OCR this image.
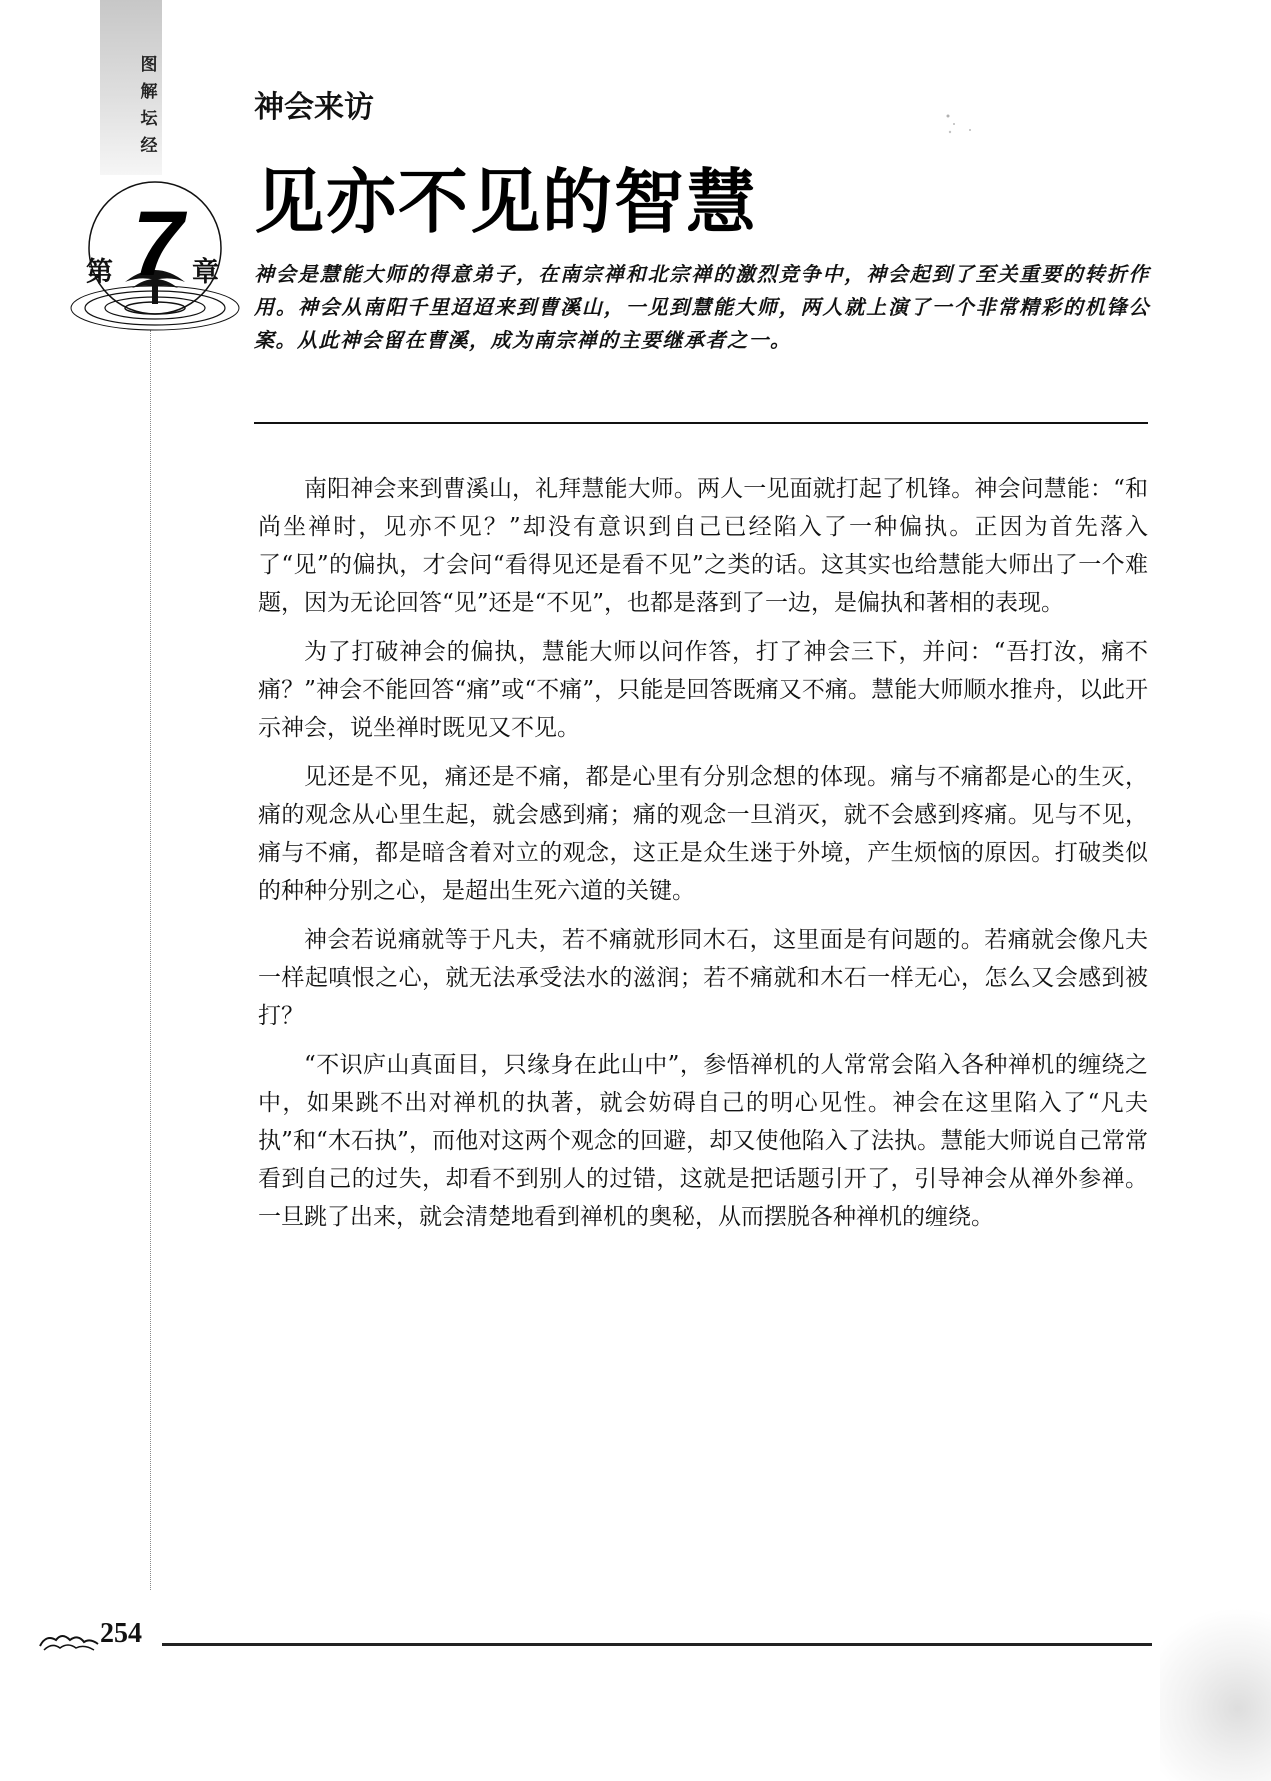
图
解
坛
经
第 7 章
神会来访
见亦不见的智慧
神会是慧能大师的得意弟子，在南宗禅和北宗禅的激烈竞争中，神会起到了至关重要的转折作用。神会从南阳千里迢迢来到曹溪山，一见到慧能大师，两人就上演了一个非常精彩的机锋公案。从此神会留在曹溪，成为南宗禅的主要继承者之一。

南阳神会来到曹溪山，礼拜慧能大师。两人一见面就打起了机锋。神会问慧能：“和尚坐禅时，见亦不见？”却没有意识到自己已经陷入了一种偏执。正因为首先落入了“见”的偏执，才会问“看得见还是看不见”之类的话。这其实也给慧能大师出了一个难题，因为无论回答“见”还是“不见”，也都是落到了一边，是偏执和著相的表现。

为了打破神会的偏执，慧能大师以问作答，打了神会三下，并问：“吾打汝，痛不痛？”神会不能回答“痛”或“不痛”，只能是回答既痛又不痛。慧能大师顺水推舟，以此开示神会，说坐禅时既见又不见。

见还是不见，痛还是不痛，都是心里有分别念想的体现。痛与不痛都是心的生灭，痛的观念从心里生起，就会感到痛；痛的观念一旦消灭，就不会感到疼痛。见与不见，痛与不痛，都是暗含着对立的观念，这正是众生迷于外境，产生烦恼的原因。打破类似的种种分别之心，是超出生死六道的关键。

神会若说痛就等于凡夫，若不痛就形同木石，这里面是有问题的。若痛就会像凡夫一样起嗔恨之心，就无法承受法水的滋润；若不痛就和木石一样无心，怎么又会感到被打？

“不识庐山真面目，只缘身在此山中”，参悟禅机的人常常会陷入各种禅机的缠绕之中，如果跳不出对禅机的执著，就会妨碍自己的明心见性。神会在这里陷入了“凡夫执”和“木石执”，而他对这两个观念的回避，却又使他陷入了法执。慧能大师说自己常常看到自己的过失，却看不到别人的过错，这就是把话题引开了，引导神会从禅外参禅。一旦跳了出来，就会清楚地看到禅机的奥秘，从而摆脱各种禅机的缠绕。

254
